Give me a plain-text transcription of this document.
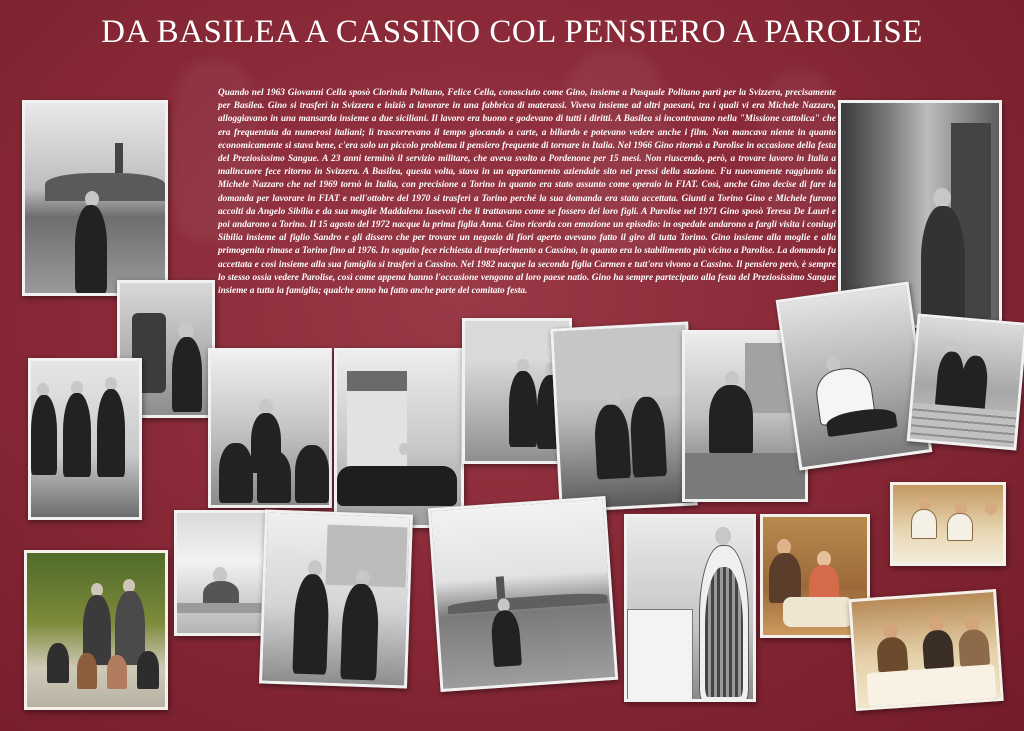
DA BASILEA A CASSINO COL PENSIERO A PAROLISE
Quando nel 1963 Giovanni Cella sposò Clorinda Politano, Felice Cella, conosciuto come Gino, insieme a Pasquale Politano partì per la Svizzera, precisamente per Basilea. Gino si trasferì in Svizzera e iniziò a lavorare in una fabbrica di materassi. Viveva insieme ad altri paesani, tra i quali vi era Michele Nazzaro, alloggiavano in una mansarda insieme a due siciliani. Il lavoro era buono e godevano di tutti i diritti. A Basilea si incontravano nella "Missione cattolica" che era frequentata da numerosi italiani; lì trascorrevano il tempo giocando a carte, a biliardo e potevano vedere anche i film. Non mancava niente in quanto economicamente si stava bene, c'era solo un piccolo problema il pensiero frequente di tornare in Italia. Nel 1966 Gino ritornò a Parolise in occasione della festa del Preziosissimo Sangue. A 23 anni terminò il servizio militare, che aveva svolto a Pordenone per 15 mesi. Non riuscendo, però, a trovare lavoro in Italia a malincuore fece ritorno in Svizzera. A Basilea, questa volta, stava in un appartamento aziendale sito nei pressi della stazione. Fu nuovamente raggiunto da Michele Nazzaro che nel 1969 tornò in Italia, con precisione a Torino in quanto era stato assunto come operaio in FIAT. Così, anche Gino decise di fare la domanda per lavorare in FIAT e nell'ottobre del 1970 si trasferì a Torino perché la sua domanda era stata accettata. Giunti a Torino Gino e Michele furono accolti da Angelo Sibilia e da sua moglie Maddalena Iasevoli che li trattavano come se fossero dei loro figli. A Parolise nel 1971 Gino sposò Teresa De Lauri e poi andarono a Torino. Il 15 agosto del 1972 nacque la prima figlia Anna. Gino ricorda con emozione un episodio: in ospedale andarono a fargli visita i coniugi Sibilia insieme al figlio Sandro e gli dissero che per trovare un negozio di fiori aperto avevano fatto il giro di tutta Torino. Gino insieme alla moglie e alla primogenita rimase a Torino fino al 1976. In seguito fece richiesta di trasferimento a Cassino, in quanto era lo stabilimento più vicino a Parolise. La domanda fu accettata e così insieme alla sua famiglia si trasferì a Cassino. Nel 1982 nacque la seconda figlia Carmen e tutt'ora vivono a Cassino. Il pensiero però, è sempre lo stesso ossia vedere Parolise, così come appena hanno l'occasione vengono al loro paese natio. Gino ha sempre partecipato alla festa del Preziosissimo Sangue insieme a tutta la famiglia; qualche anno ha fatto anche parte del comitato festa.
